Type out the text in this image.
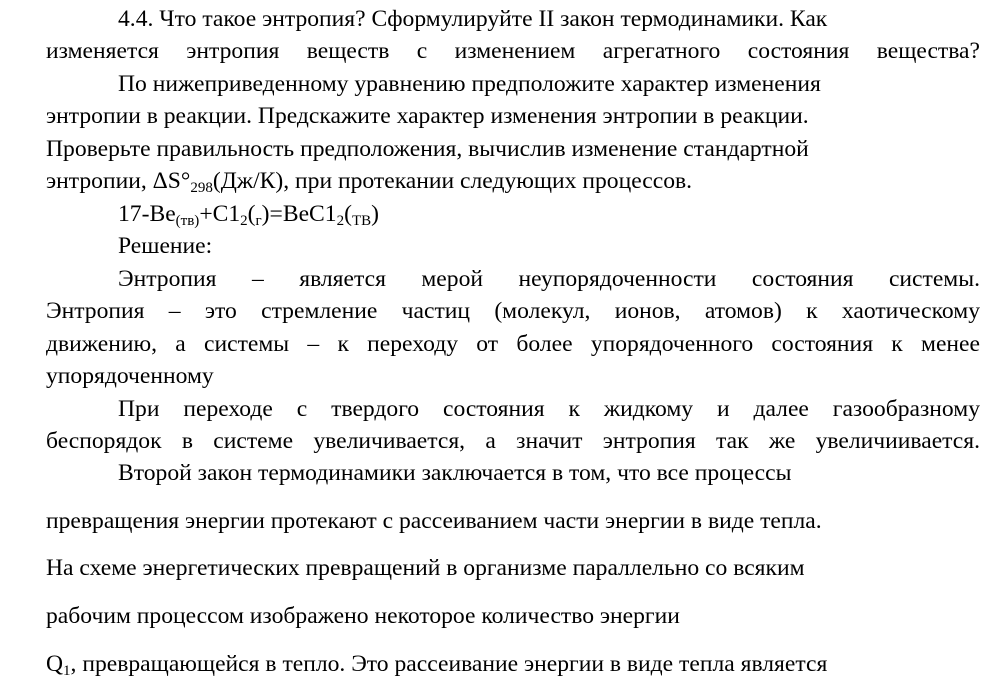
4.4. Что такое энтропия? Сформулируйте II закон термодинамики. Как
изменяется энтропия веществ с изменением агрегатного состояния вещества?
По нижеприведенному уравнению предположите характер изменения
энтропии в реакции. Предскажите характер изменения энтропии в реакции.
Проверьте правильность предположения, вычислив изменение стандартной
энтропии, $\Delta S^\circ_{298}(Дж/К)$, при протекании следующих процессов.
$17-Be_{(тв)}+C1_2(_г)=BeC1_2(_{ТВ})$
Решение:
Энтропия – является мерой неупорядоченности состояния системы.
Энтропия – это стремление частиц (молекул, ионов, атомов) к хаотическому
движению, а системы – к переходу от более упорядоченного состояния к менее
упорядоченному
При переходе с твердого состояния к жидкому и далее газообразному
беспорядок в системе увеличивается, а значит энтропия так же увеличиивается.
Второй закон термодинамики заключается в том, что все процессы
превращения энергии протекают с рассеиванием части энергии в виде тепла.
На схеме энергетических превращений в организме параллельно со всяким
рабочим процессом изображено некоторое количество энергии
$Q_1$, превращающейся в тепло. Это рассеивание энергии в виде тепла является
